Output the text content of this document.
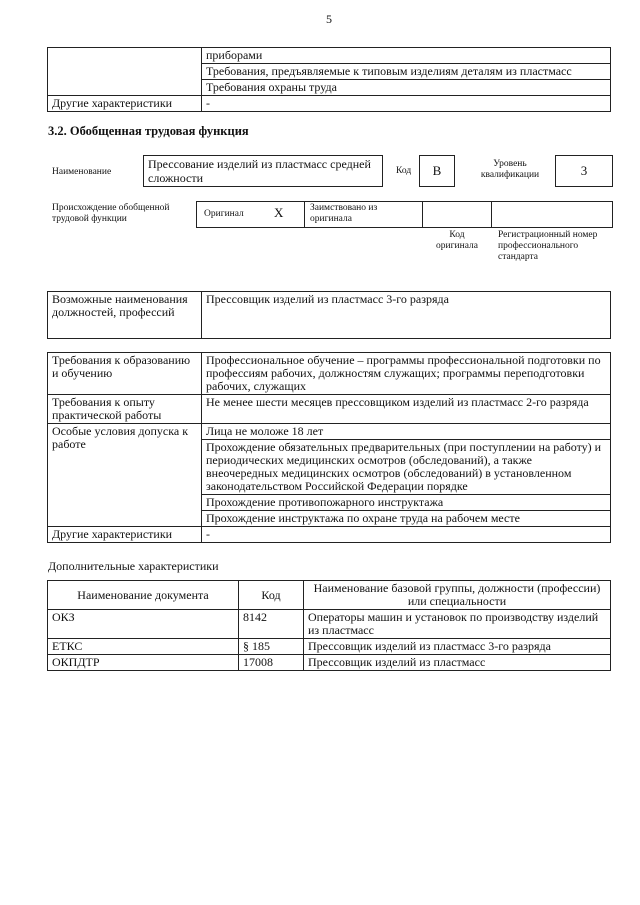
5
	приборами
	Требования, предъявляемые к типовым изделиям деталям из пластмасс
	Требования охраны труда
Другие характеристики	-
3.2. Обобщенная трудовая функция
Наименование
Прессование изделий из пластмасс средней сложности	Код	B	Уровень квалификации	3
Происхождение обобщенной трудовой функции	Оригинал X	Заимствовано из оригинала
Код оригинала
Регистрационный номер профессионального стандарта
Возможные наименования должностей, профессий	Прессовщик изделий из пластмасс 3-го разряда
Требования к образованию и обучению	Профессиональное обучение – программы профессиональной подготовки по профессиям рабочих, должностям служащих; программы переподготовки рабочих, служащих
Требования к опыту практической работы	Не менее шести месяцев прессовщиком изделий из пластмасс 2-го разряда
Особые условия допуска к работе	Лица не моложе 18 лет
	Прохождение обязательных предварительных (при поступлении на работу) и периодических медицинских осмотров (обследований), а также внеочередных медицинских осмотров (обследований) в установленном законодательством Российской Федерации порядке
	Прохождение противопожарного инструктажа
	Прохождение инструктажа по охране труда на рабочем месте
Другие характеристики	-
Дополнительные характеристики
Наименование документа	Код	Наименование базовой группы, должности (профессии) или специальности
ОКЗ	8142	Операторы машин и установок по производству изделий из пластмасс
ЕТКС	§ 185	Прессовщик изделий из пластмасс 3-го разряда
ОКПДТР	17008	Прессовщик изделий из пластмасс
